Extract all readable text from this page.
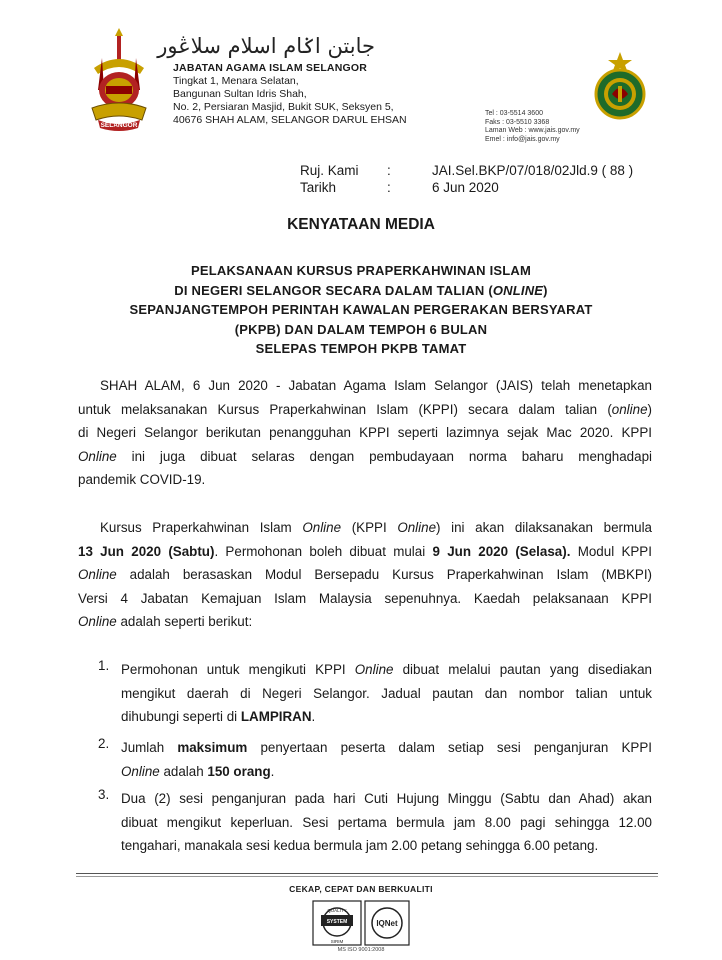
SELANGOR
جابتن اݢام اسلام سلاڠور
JABATAN AGAMA ISLAM SELANGOR
Tingkat 1, Menara Selatan,
Bangunan Sultan Idris Shah,
No. 2, Persiaran Masjid, Bukit SUK, Seksyen 5,
40676 SHAH ALAM, SELANGOR DARUL EHSAN
Tel : 03-5514 3600
Faks : 03-5510 3368
Laman Web : www.jais.gov.my
Emel : info@jais.gov.my
Ruj. Kami :	JAI.Sel.BKP/07/018/02Jld.9 ( 88 )
Tarikh	:	6 Jun 2020
KENYATAAN MEDIA
PELAKSANAAN KURSUS PRAPERKAHWINAN ISLAM
DI NEGERI SELANGOR SECARA DALAM TALIAN (ONLINE)
SEPANJANGTEMPOH PERINTAH KAWALAN PERGERAKAN BERSYARAT
(PKPB) DAN DALAM TEMPOH 6 BULAN
SELEPAS TEMPOH PKPB TAMAT
SHAH ALAM, 6 Jun 2020 - Jabatan Agama Islam Selangor (JAIS) telah menetapkan
untuk melaksanakan Kursus Praperkahwinan Islam (KPPI) secara dalam talian (online)
di Negeri Selangor berikutan penangguhan KPPI seperti lazimnya sejak Mac 2020. KPPI
Online ini juga dibuat selaras dengan pembudayaan norma baharu menghadapi
pandemik COVID-19.
Kursus Praperkahwinan Islam Online (KPPI Online) ini akan dilaksanakan bermula
13 Jun 2020 (Sabtu). Permohonan boleh dibuat mulai 9 Jun 2020 (Selasa). Modul KPPI
Online adalah berasaskan Modul Bersepadu Kursus Praperkahwinan Islam (MBKPI)
Versi 4 Jabatan Kemajuan Islam Malaysia sepenuhnya. Kaedah pelaksanaan KPPI
Online adalah seperti berikut:
1. Permohonan untuk mengikuti KPPI Online dibuat melalui pautan yang disediakan
mengikut daerah di Negeri Selangor. Jadual pautan dan nombor talian untuk
dihubungi seperti di LAMPIRAN.
2. Jumlah maksimum penyertaan peserta dalam setiap sesi penganjuran KPPI
Online adalah 150 orang.
3. Dua (2) sesi penganjuran pada hari Cuti Hujung Minggu (Sabtu dan Ahad) akan
dibuat mengikut keperluan. Sesi pertama bermula jam 8.00 pagi sehingga 12.00
tengahari, manakala sesi kedua bermula jam 2.00 petang sehingga 6.00 petang.
CEKAP, CEPAT DAN BERKUALITI
QUALITY
SYSTEM
SIRIM
IQNet
MS ISO 9001:2008
